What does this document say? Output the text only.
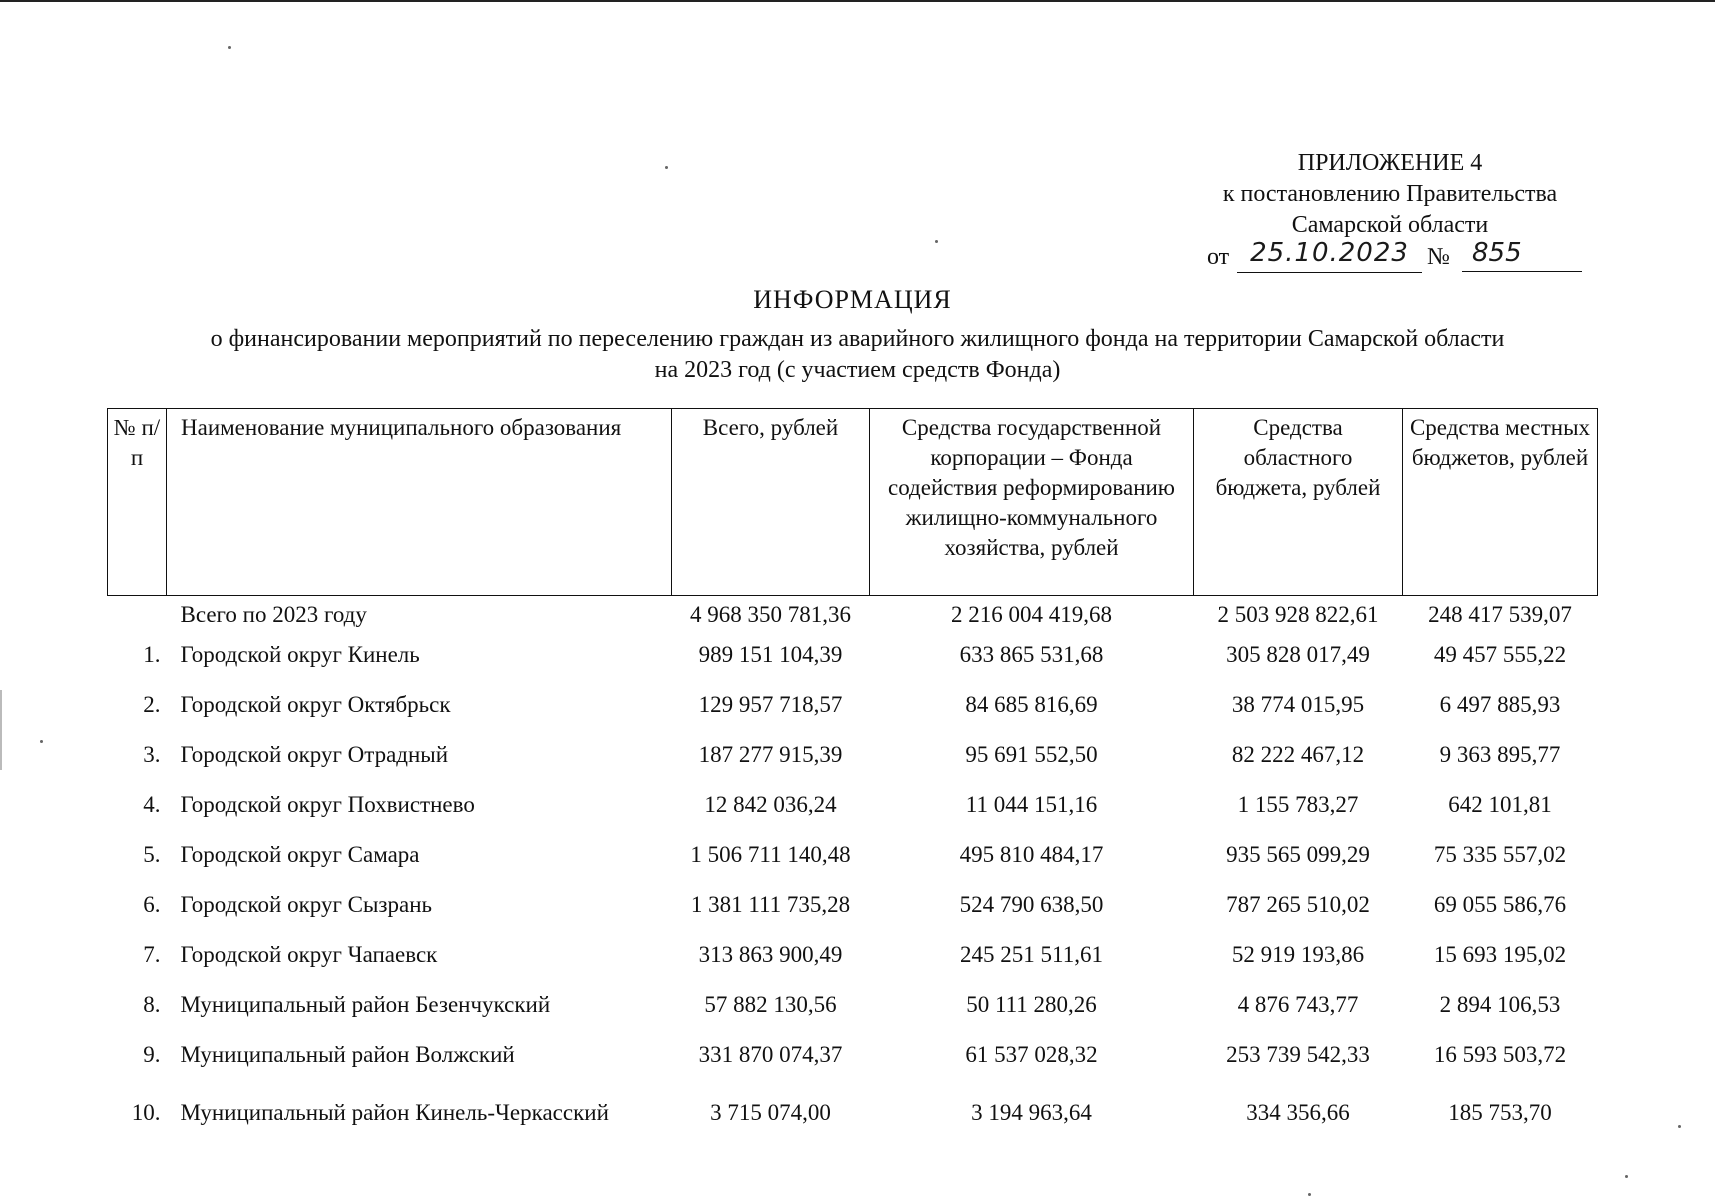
ПРИЛОЖЕНИЕ 4
к постановлению Правительства
Самарской области
от 25.10.2023 № 855
ИНФОРМАЦИЯ
о финансировании мероприятий по переселению граждан из аварийного жилищного фонда на территории Самарской области
на 2023 год (с участием средств Фонда)
№ п/п	Наименование муниципального образования	Всего, рублей	Средства государственной корпорации – Фонда содействия реформированию жилищно-коммунального хозяйства, рублей	Средства областного бюджета, рублей	Средства местных бюджетов, рублей
	Всего по 2023 году	4 968 350 781,36	2 216 004 419,68	2 503 928 822,61	248 417 539,07
1.	Городской округ Кинель	989 151 104,39	633 865 531,68	305 828 017,49	49 457 555,22
2.	Городской округ Октябрьск	129 957 718,57	84 685 816,69	38 774 015,95	6 497 885,93
3.	Городской округ Отрадный	187 277 915,39	95 691 552,50	82 222 467,12	9 363 895,77
4.	Городской округ Похвистнево	12 842 036,24	11 044 151,16	1 155 783,27	642 101,81
5.	Городской округ Самара	1 506 711 140,48	495 810 484,17	935 565 099,29	75 335 557,02
6.	Городской округ Сызрань	1 381 111 735,28	524 790 638,50	787 265 510,02	69 055 586,76
7.	Городской округ Чапаевск	313 863 900,49	245 251 511,61	52 919 193,86	15 693 195,02
8.	Муниципальный район Безенчукский	57 882 130,56	50 111 280,26	4 876 743,77	2 894 106,53
9.	Муниципальный район Волжский	331 870 074,37	61 537 028,32	253 739 542,33	16 593 503,72
10.	Муниципальный район Кинель-Черкасский	3 715 074,00	3 194 963,64	334 356,66	185 753,70
